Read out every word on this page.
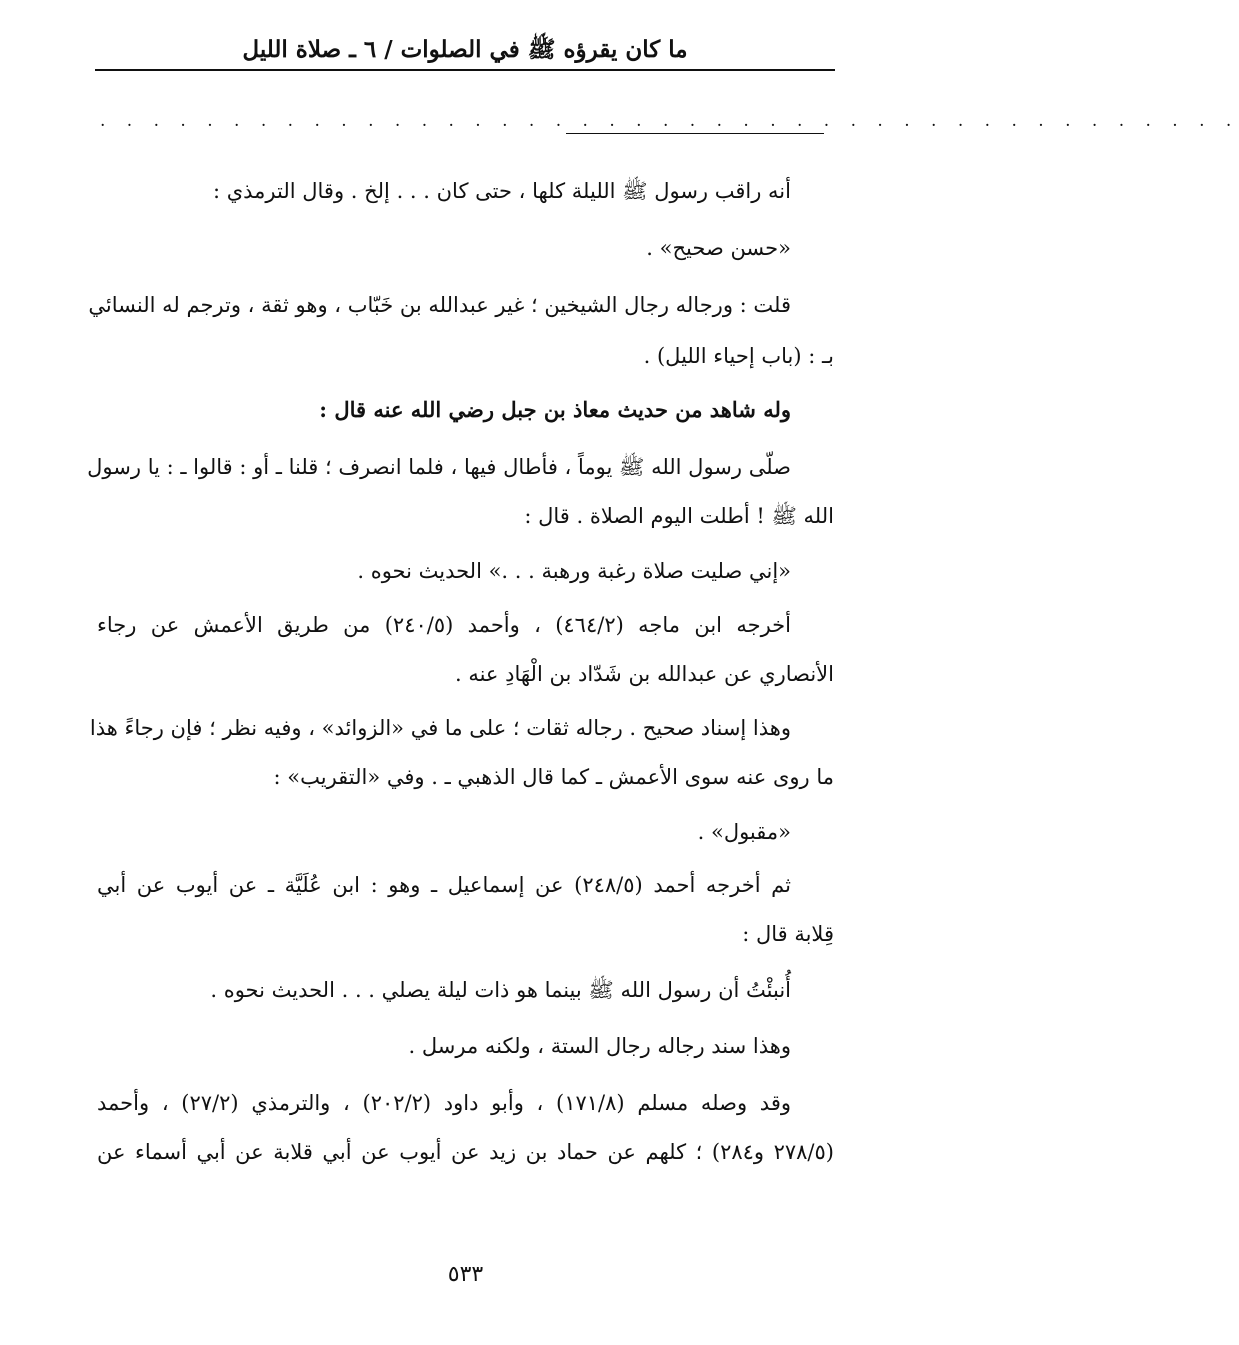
ما كان يقرؤه ﷺ في الصلوات / ٦ ـ صلاة الليل
. . . . . . . . . . . . . . . . . . . . . . . . . . . . . . . . . . . . . . . . . . .
أنه راقب رسول ﷺ الليلة كلها ، حتى كان . . . إلخ . وقال الترمذي :
«حسن صحيح» .
قلت : ورجاله رجال الشيخين ؛ غير عبدالله بن خَبّاب ، وهو ثقة ، وترجم له النسائي
بـ : (باب إحياء الليل) .
وله شاهد من حديث معاذ بن جبل رضي الله عنه قال :
صلّى رسول الله ﷺ يوماً ، فأطال فيها ، فلما انصرف ؛ قلنا ـ أو : قالوا ـ : يا رسول
الله ﷺ ! أطلت اليوم الصلاة . قال :
«إني صليت صلاة رغبة ورهبة . . .» الحديث نحوه .
أخرجه ابن ماجه (٤٦٤/٢) ، وأحمد (٢٤٠/٥) من طريق الأعمش عن رجاء
الأنصاري عن عبدالله بن شَدّاد بن الْهَادِ عنه .
وهذا إسناد صحيح . رجاله ثقات ؛ على ما في «الزوائد» ، وفيه نظر ؛ فإن رجاءً هذا
ما روى عنه سوى الأعمش ـ كما قال الذهبي ـ . وفي «التقريب» :
«مقبول» .
ثم أخرجه أحمد (٢٤٨/٥) عن إسماعيل ـ وهو : ابن عُلَيَّة ـ عن أيوب عن أبي
قِلابة قال :
أُنبئْتُ أن رسول الله ﷺ بينما هو ذات ليلة يصلي . . . الحديث نحوه .
وهذا سند رجاله رجال الستة ، ولكنه مرسل .
وقد وصله مسلم (١٧١/٨) ، وأبو داود (٢٠٢/٢) ، والترمذي (٢٧/٢) ، وأحمد
(٢٧٨/٥ و٢٨٤) ؛ كلهم عن حماد بن زيد عن أيوب عن أبي قلابة عن أبي أسماء عن
٥٣٣
